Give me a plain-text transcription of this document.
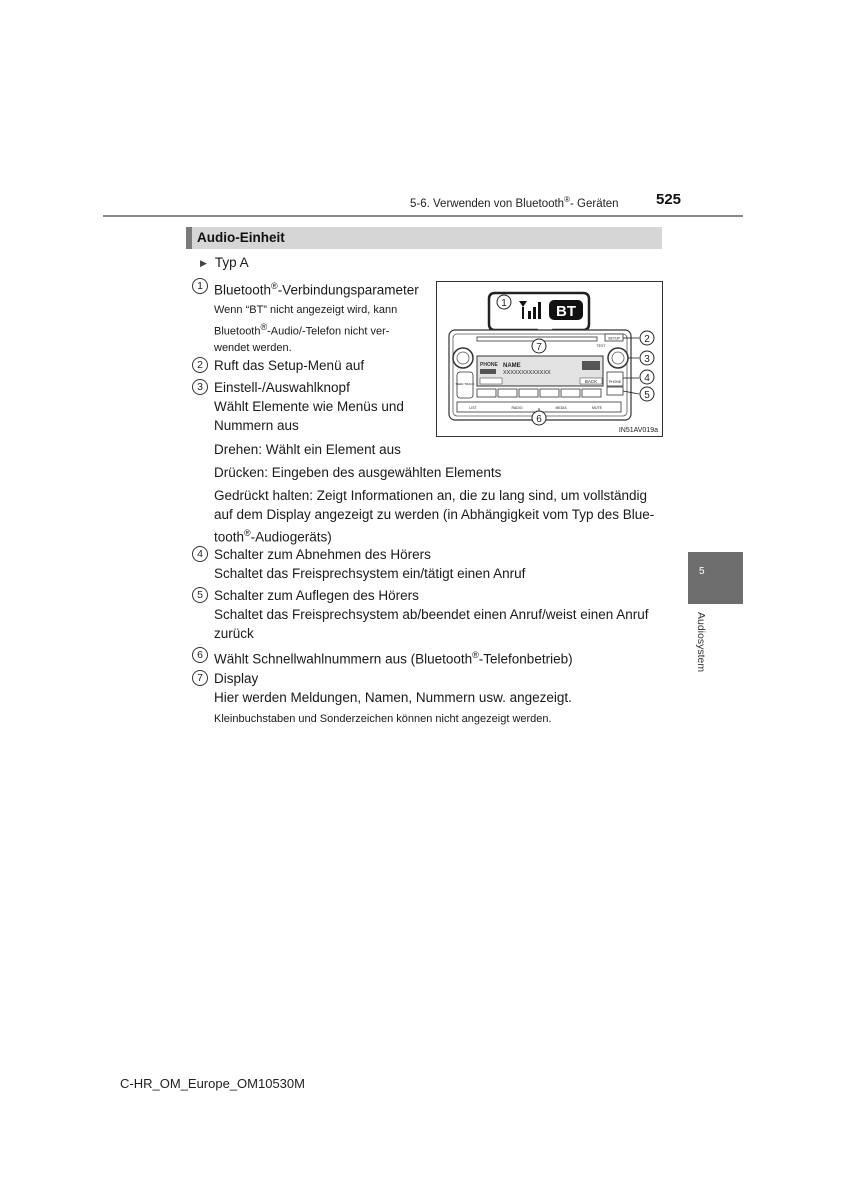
5-6. Verwenden von Bluetooth®- Geräten 525
Audio-Einheit
▶ Typ A
1 Bluetooth®-Verbindungsparameter
Wenn “BT” nicht angezeigt wird, kann
Bluetooth®-Audio/-Telefon nicht ver-
wendet werden.
2 Ruft das Setup-Menü auf
3 Einstell-/Auswahlknopf
Wählt Elemente wie Menüs und
Nummern aus
Drehen: Wählt ein Element aus
Drücken: Eingeben des ausgewählten Elements
Gedrückt halten: Zeigt Informationen an, die zu lang sind, um vollständig
auf dem Display angezeigt zu werden (in Abhängigkeit vom Typ des Blue-
tooth®-Audiogeräts)
4 Schalter zum Abnehmen des Hörers
Schaltet das Freisprechsystem ein/tätigt einen Anruf
5 Schalter zum Auflegen des Hörers
Schaltet das Freisprechsystem ab/beendet einen Anruf/weist einen Anruf
zurück
6 Wählt Schnellwahlnummern aus (Bluetooth®-Telefonbetrieb)
7 Display
Hier werden Meldungen, Namen, Nummern usw. angezeigt.
Kleinbuchstaben und Sonderzeichen können nicht angezeigt werden.
1	BT
7
PHONE NAME
XXXXXXXXXXXXX
BACK
SEEK TRACK
SETUP
TEXT
PHONE
LIST	RADIO	MEDIA	MUTE
2
3
4
5
6
IN51AV019a
5
Audiosystem
C-HR_OM_Europe_OM10530M
